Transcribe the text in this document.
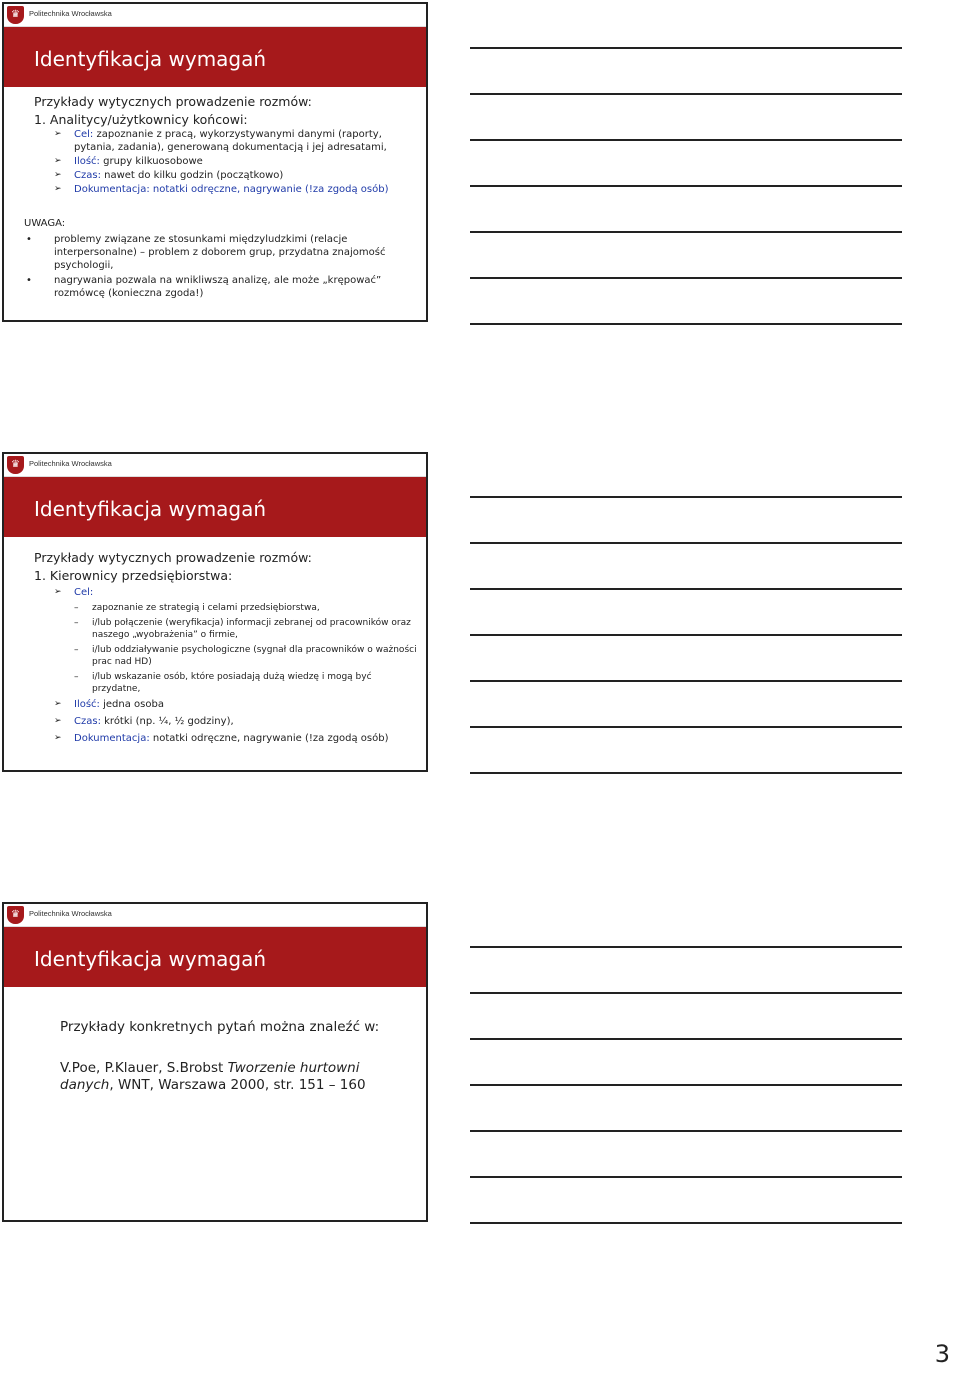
♛	Politechnika Wrocławska
Identyfikacja wymagań
Przykłady wytycznych prowadzenie rozmów:
1. Analitycy/użytkownicy końcowi:
➢ Cel: zapoznanie z pracą, wykorzystywanymi danymi (raporty, pytania, zadania), generowaną dokumentacją i jej adresatami,
➢ Ilość: grupy kilkuosobowe
➢ Czas: nawet do kilku godzin (początkowo)
➢ Dokumentacja: notatki odręczne, nagrywanie (!za zgodą osób)
UWAGA:
• problemy związane ze stosunkami międzyludzkimi (relacje interpersonalne) – problem z doborem grup, przydatna znajomość psychologii,
• nagrywania pozwala na wnikliwszą analizę, ale może „krępować” rozmówcę (konieczna zgoda!)
♛	Politechnika Wrocławska
Identyfikacja wymagań
Przykłady wytycznych prowadzenie rozmów:
1. Kierownicy przedsiębiorstwa:
➢ Cel:
– zapoznanie ze strategią i celami przedsiębiorstwa,
– i/lub połączenie (weryfikacja) informacji zebranej od pracowników oraz naszego „wyobrażenia” o firmie,
– i/lub oddziaływanie psychologiczne (sygnał dla pracowników o ważności prac nad HD)
– i/lub wskazanie osób, które posiadają dużą wiedzę i mogą być przydatne,
➢ Ilość: jedna osoba
➢ Czas: krótki (np. ¼, ½ godziny),
➢ Dokumentacja: notatki odręczne, nagrywanie (!za zgodą osób)
♛	Politechnika Wrocławska
Identyfikacja wymagań
Przykłady konkretnych pytań można znaleźć w:
V.Poe, P.Klauer, S.Brobst Tworzenie hurtowni danych, WNT, Warszawa 2000, str. 151 – 160
3
